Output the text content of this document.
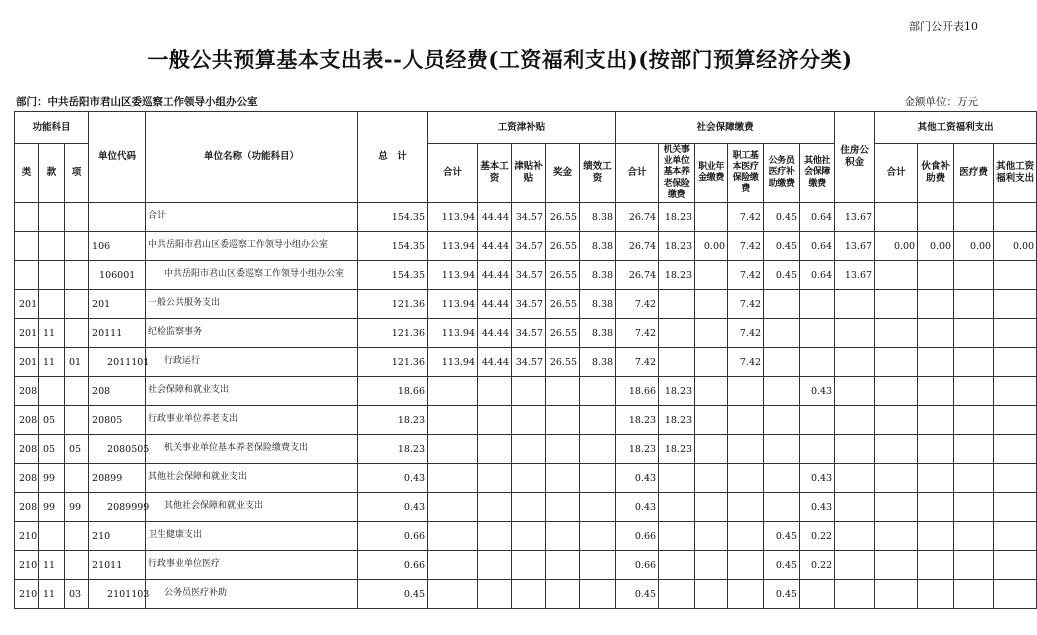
部门公开表10
一般公共预算基本支出表--人员经费(工资福利支出)(按部门预算经济分类)
部门：中共岳阳市君山区委巡察工作领导小组办公室	金额单位：万元
功能科目			单位代码	单位名称（功能科目）	总　计	工资津补贴					社会保障缴费						住房公积金	其他工资福利支出			
类	款	项				合计	基本工资	津贴补贴	奖金	绩效工资	合计	机关事业单位基本养老保险缴费	职业年金缴费	职工基本医疗保险缴费	公务员医疗补助缴费	其他社会保障缴费		合计	伙食补助费	医疗费	其他工资福利支出
				合计	154.35	113.94	44.44	34.57	26.55	8.38	26.74	18.23		7.42	0.45	0.64	13.67				
			106	中共岳阳市君山区委巡察工作领导小组办公室	154.35	113.94	44.44	34.57	26.55	8.38	26.74	18.23	0.00	7.42	0.45	0.64	13.67	0.00	0.00	0.00	0.00
			106001	中共岳阳市君山区委巡察工作领导小组办公室	154.35	113.94	44.44	34.57	26.55	8.38	26.74	18.23		7.42	0.45	0.64	13.67				
201			201	一般公共服务支出	121.36	113.94	44.44	34.57	26.55	8.38	7.42			7.42							
201	11		20111	纪检监察事务	121.36	113.94	44.44	34.57	26.55	8.38	7.42			7.42							
201	11	01	2011101	行政运行	121.36	113.94	44.44	34.57	26.55	8.38	7.42			7.42							
208			208	社会保障和就业支出	18.66						18.66	18.23				0.43					
208	05		20805	行政事业单位养老支出	18.23						18.23	18.23									
208	05	05	2080505	机关事业单位基本养老保险缴费支出	18.23						18.23	18.23									
208	99		20899	其他社会保障和就业支出	0.43						0.43					0.43					
208	99	99	2089999	其他社会保障和就业支出	0.43						0.43					0.43					
210			210	卫生健康支出	0.66						0.66				0.45	0.22					
210	11		21011	行政事业单位医疗	0.66						0.66				0.45	0.22					
210	11	03	2101103	公务员医疗补助	0.45						0.45				0.45						
